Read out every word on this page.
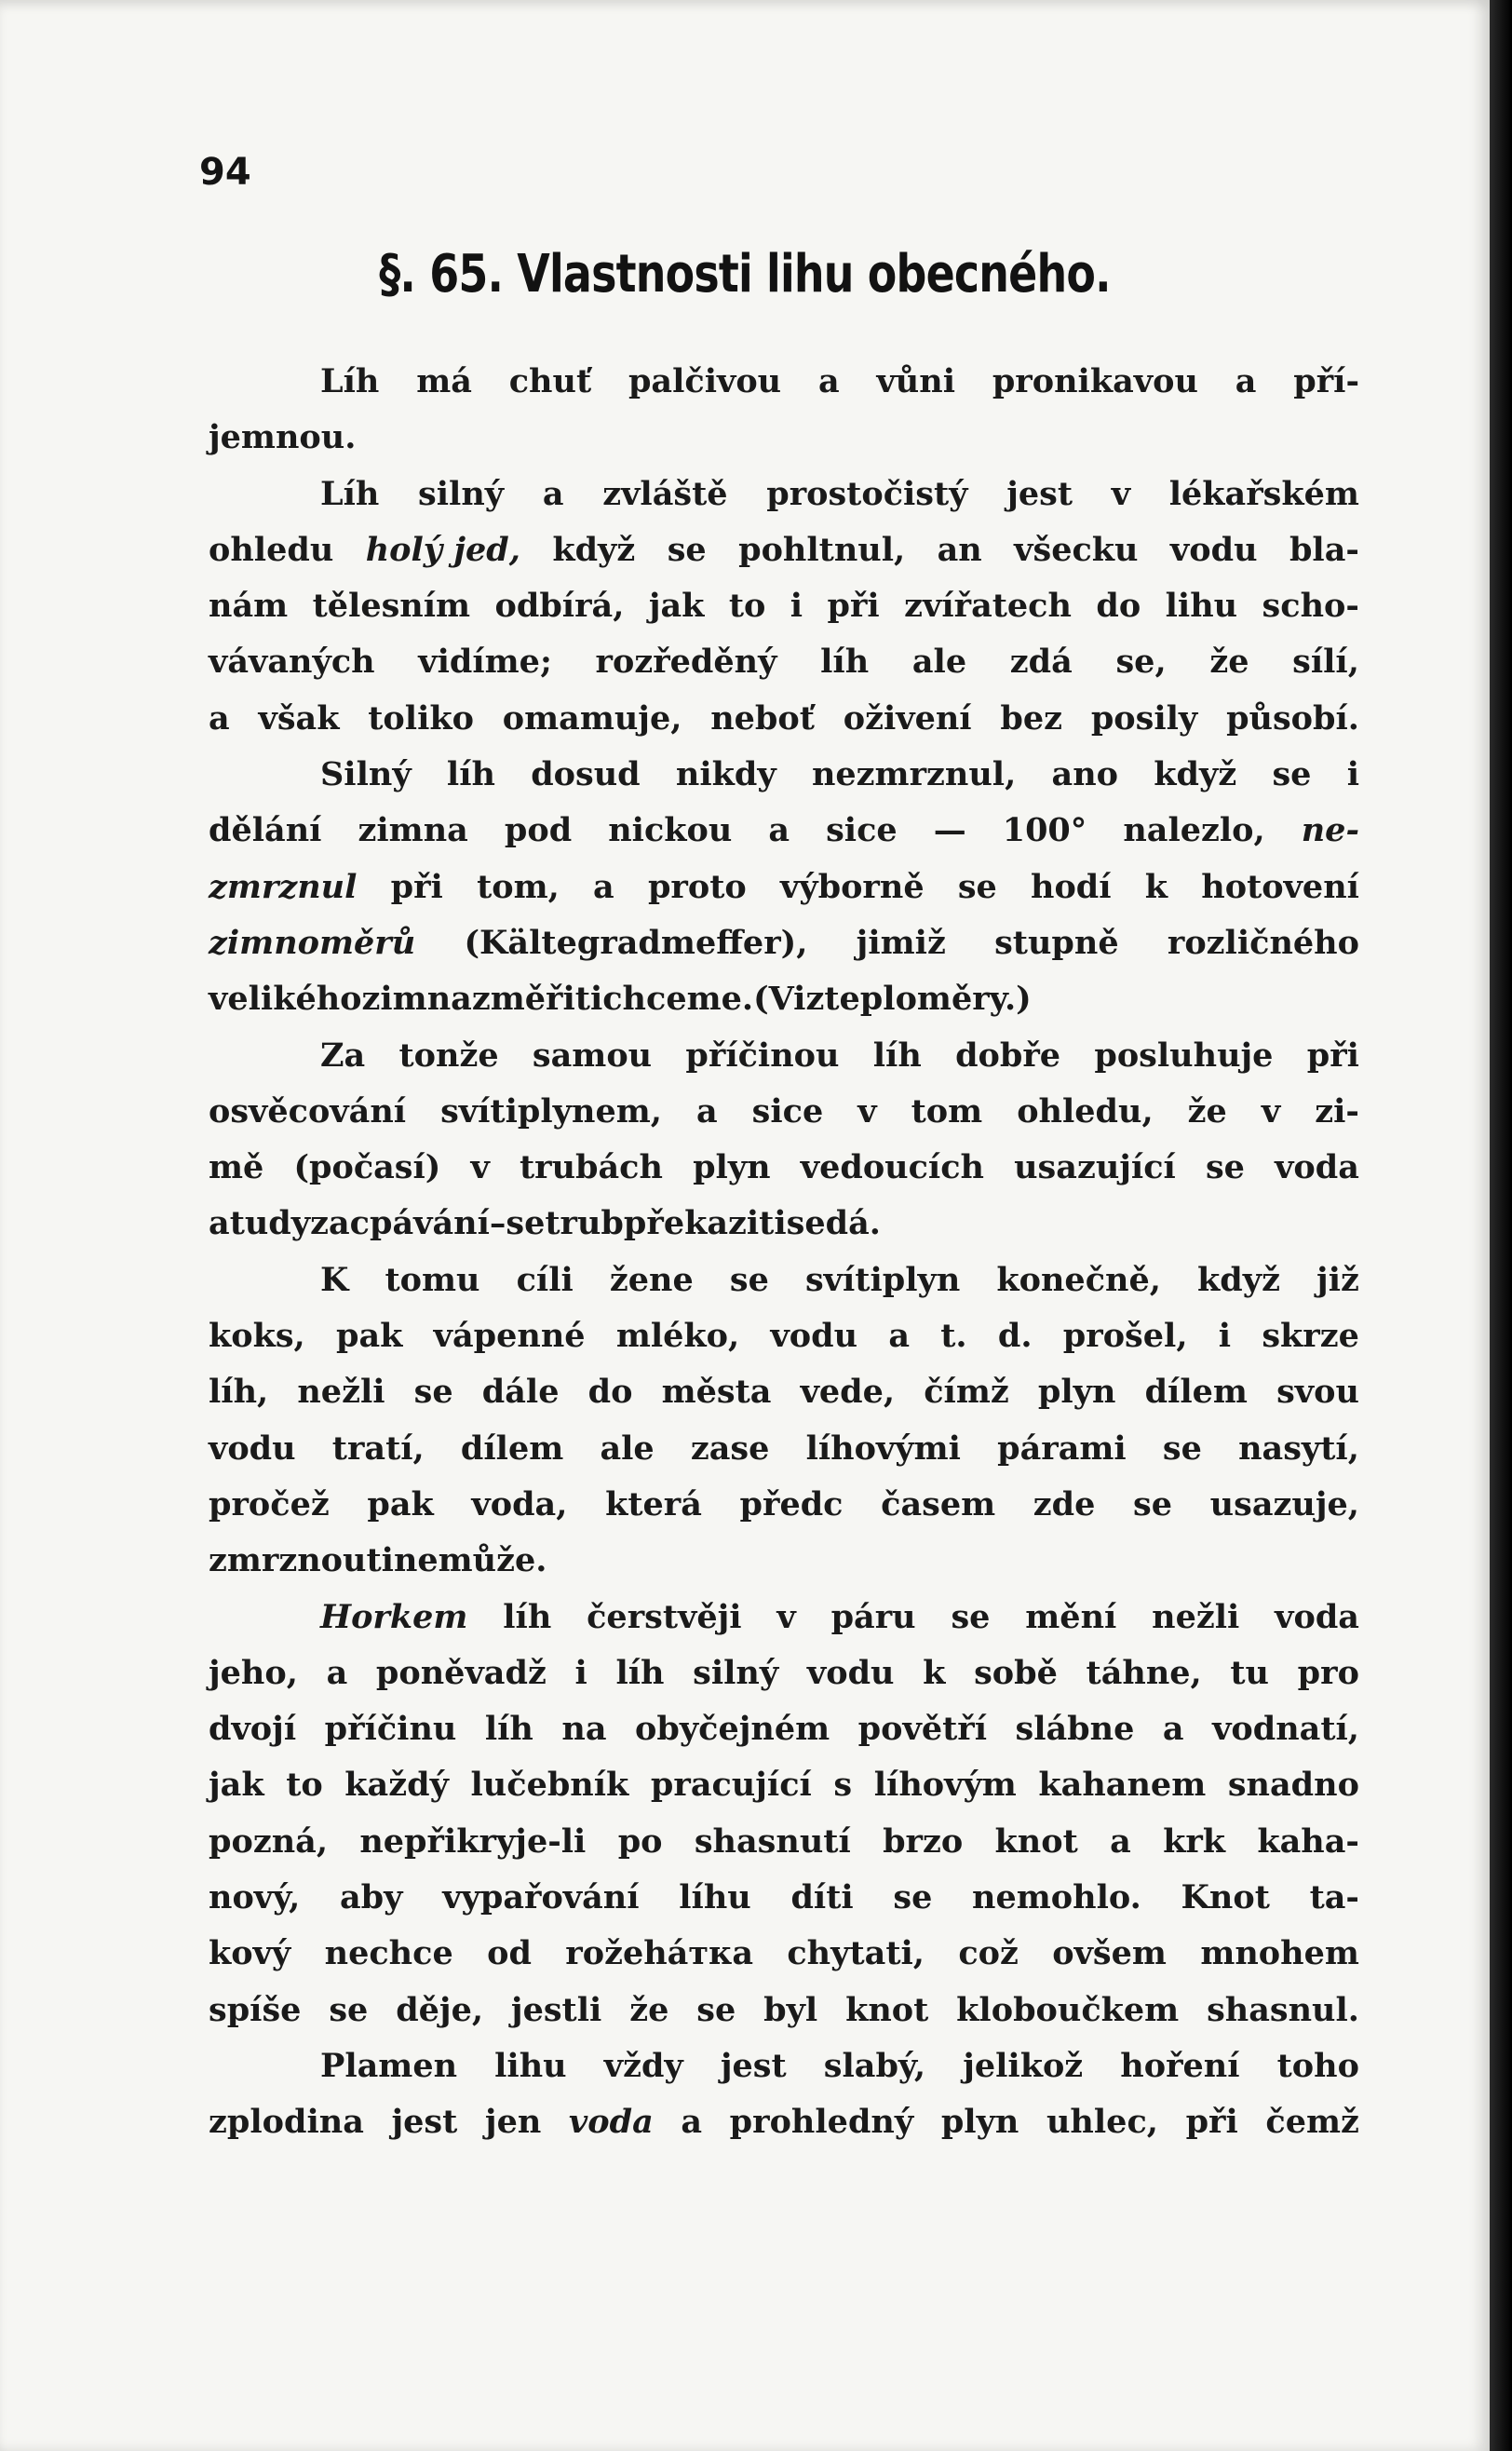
94
§. 65. Vlastnosti lihu obecného.
Líh má chuť palčivou a vůni pronikavou a pří-
jemnou.
Líh silný a zvláště prostočistý jest v lékařském
ohledu holý jed, když se pohltnul, an všecku vodu bla-
nám tělesním odbírá, jak to i při zvířatech do lihu scho-
vávaných vidíme; rozředěný líh ale zdá se, že sílí,
a však toliko omamuje, neboť oživení bez posily působí.
Silný líh dosud nikdy nezmrznul, ano když se i
dělání zimna pod nickou a sice — 100° nalezlo, ne-
zmrznul při tom, a proto výborně se hodí k hotovení
zimnoměrů (Kältegradmeffer), jimiž stupně rozličného
velikého zimna změřiti chceme. (Viz teploměry.)
Za tonže samou příčinou líh dobře posluhuje při
osvěcování svítiplynem, a sice v tom ohledu, že v zi-
mě (počasí) v trubách plyn vedoucích usazující se voda
a tudy zacpávání–se trub překaziti se dá.
K tomu cíli žene se svítiplyn konečně, když již
koks, pak vápenné mléko, vodu a t. d. prošel, i skrze
líh, nežli se dále do města vede, čímž plyn dílem svou
vodu tratí, dílem ale zase líhovými párami se nasytí,
pročež pak voda, která předc časem zde se usazuje,
zmrznouti nemůže.
Horkem líh čerstvěji v páru se mění nežli voda
jeho, a poněvadž i líh silný vodu k sobě táhne, tu pro
dvojí příčinu líh na obyčejném povětří slábne a vodnatí,
jak to každý lučebník pracující s líhovým kahanem snadno
pozná, nepřikryje-li po shasnutí brzo knot a krk kaha-
nový, aby vypařování líhu díti se nemohlo. Knot ta-
kový nechce od rožeháтка chytati, což ovšem mnohem
spíše se děje, jestli že se byl knot kloboučkem shasnul.
Plamen lihu vždy jest slabý, jelikož hoření toho
zplodina jest jen voda a prohledný plyn uhlec, při čemž
